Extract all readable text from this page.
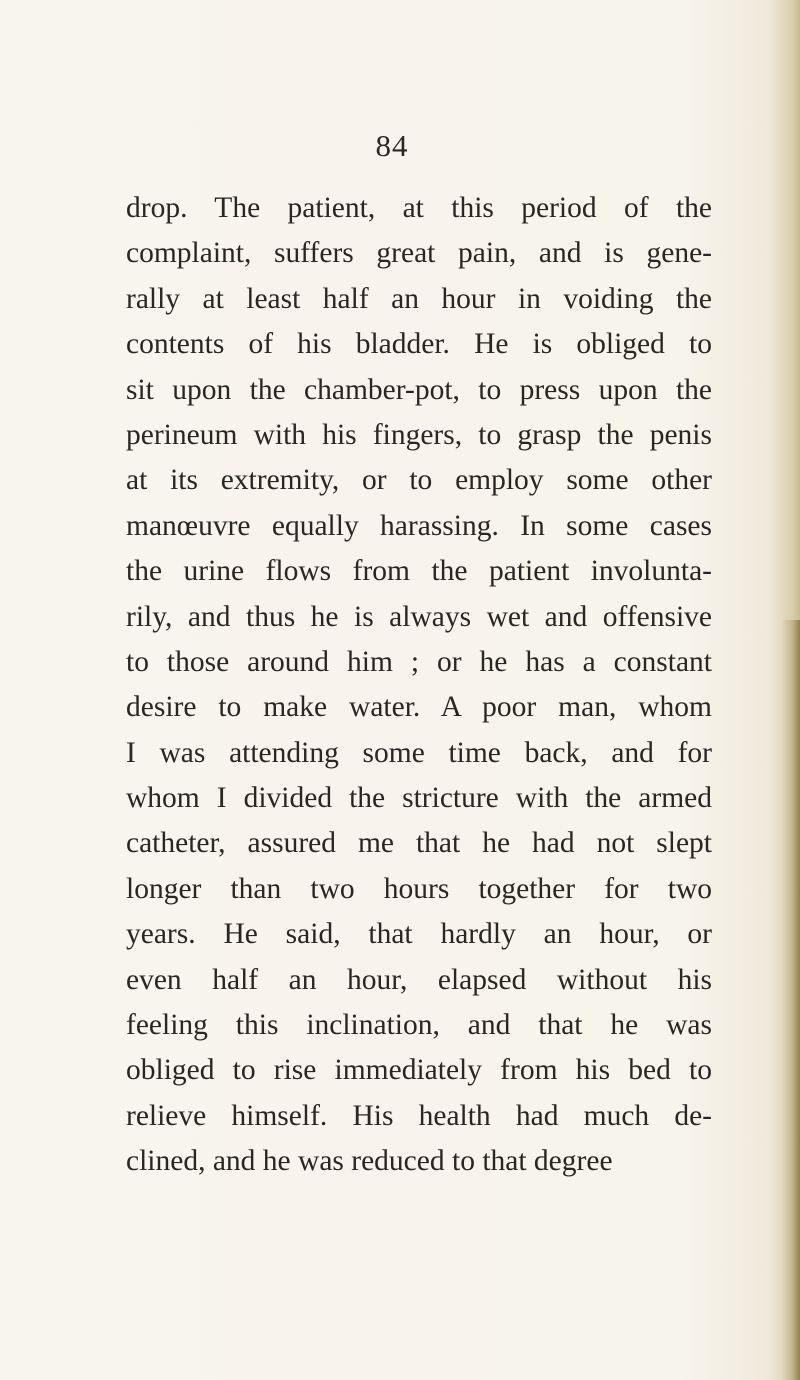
84
drop. The patient, at this period of the
complaint, suffers great pain, and is gene-
rally at least half an hour in voiding the
contents of his bladder. He is obliged to
sit upon the chamber-pot, to press upon the
perineum with his fingers, to grasp the penis
at its extremity, or to employ some other
manœuvre equally harassing. In some cases
the urine flows from the patient involunta-
rily, and thus he is always wet and offensive
to those around him ; or he has a constant
desire to make water. A poor man, whom
I was attending some time back, and for
whom I divided the stricture with the armed
catheter, assured me that he had not slept
longer than two hours together for two
years. He said, that hardly an hour, or
even half an hour, elapsed without his
feeling this inclination, and that he was
obliged to rise immediately from his bed to
relieve himself. His health had much de-
clined, and he was reduced to that degree
